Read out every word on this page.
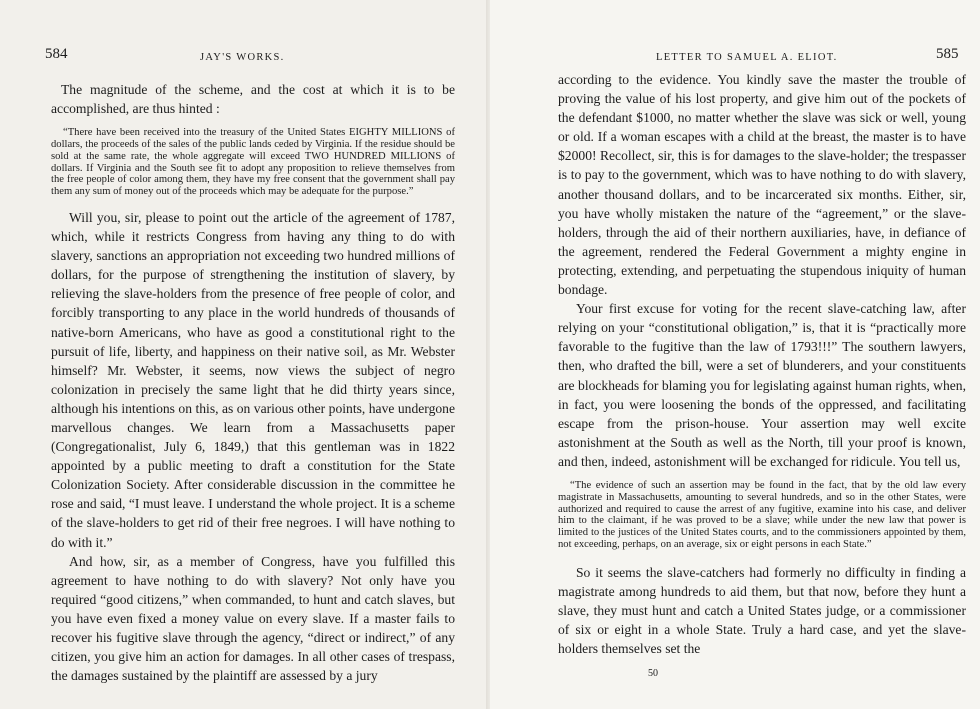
584	JAY'S WORKS.

The magnitude of the scheme, and the cost at which it is to be accomplished, are thus hinted :

“There have been received into the treasury of the United States EIGHTY MILLIONS of dollars, the proceeds of the sales of the public lands ceded by Virginia. If the residue should be sold at the same rate, the whole aggregate will exceed TWO HUNDRED MILLIONS of dollars. If Virginia and the South see fit to adopt any proposition to relieve themselves from the free people of color among them, they have my free consent that the government shall pay them any sum of money out of the proceeds which may be adequate for the purpose.”

Will you, sir, please to point out the article of the agreement of 1787, which, while it restricts Congress from having any thing to do with slavery, sanctions an appropriation not exceeding two hundred millions of dollars, for the purpose of strengthening the institution of slavery, by relieving the slave-holders from the presence of free people of color, and forcibly transporting to any place in the world hundreds of thousands of native-born Americans, who have as good a constitutional right to the pursuit of life, liberty, and happiness on their native soil, as Mr. Webster himself? Mr. Webster, it seems, now views the subject of negro colonization in precisely the same light that he did thirty years since, although his intentions on this, as on various other points, have undergone marvellous changes. We learn from a Massachusetts paper (Congregationalist, July 6, 1849,) that this gentleman was in 1822 appointed by a public meeting to draft a constitution for the State Colonization Society. After considerable discussion in the committee he rose and said, “I must leave. I understand the whole project. It is a scheme of the slave-holders to get rid of their free negroes. I will have nothing to do with it.”

And how, sir, as a member of Congress, have you fulfilled this agreement to have nothing to do with slavery? Not only have you required “good citizens,” when commanded, to hunt and catch slaves, but you have even fixed a money value on every slave. If a master fails to recover his fugitive slave through the agency, “direct or indirect,” of any citizen, you give him an action for damages. In all other cases of trespass, the damages sustained by the plaintiff are assessed by a jury

LETTER TO SAMUEL A. ELIOT.	585

according to the evidence. You kindly save the master the trouble of proving the value of his lost property, and give him out of the pockets of the defendant $1000, no matter whether the slave was sick or well, young or old. If a woman escapes with a child at the breast, the master is to have $2000! Recollect, sir, this is for damages to the slave-holder; the trespasser is to pay to the government, which was to have nothing to do with slavery, another thousand dollars, and to be incarcerated six months. Either, sir, you have wholly mistaken the nature of the “agreement,” or the slave-holders, through the aid of their northern auxiliaries, have, in defiance of the agreement, rendered the Federal Government a mighty engine in protecting, extending, and perpetuating the stupendous iniquity of human bondage.

Your first excuse for voting for the recent slave-catching law, after relying on your “constitutional obligation,” is, that it is “practically more favorable to the fugitive than the law of 1793!!!” The southern lawyers, then, who drafted the bill, were a set of blunderers, and your constituents are blockheads for blaming you for legislating against human rights, when, in fact, you were loosening the bonds of the oppressed, and facilitating escape from the prison-house. Your assertion may well excite astonishment at the South as well as the North, till your proof is known, and then, indeed, astonishment will be exchanged for ridicule. You tell us,

“The evidence of such an assertion may be found in the fact, that by the old law every magistrate in Massachusetts, amounting to several hundreds, and so in the other States, were authorized and required to cause the arrest of any fugitive, examine into his case, and deliver him to the claimant, if he was proved to be a slave; while under the new law that power is limited to the justices of the United States courts, and to the commissioners appointed by them, not exceeding, perhaps, on an average, six or eight persons in each State.”

So it seems the slave-catchers had formerly no difficulty in finding a magistrate among hundreds to aid them, but that now, before they hunt a slave, they must hunt and catch a United States judge, or a commissioner of six or eight in a whole State. Truly a hard case, and yet the slave-holders themselves set the

50
